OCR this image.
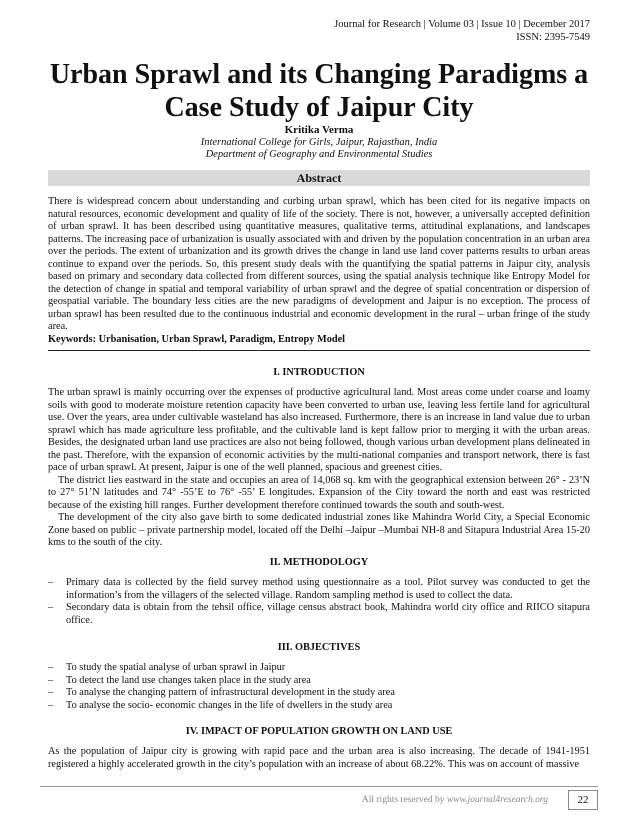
Journal for Research | Volume 03 | Issue 10 | December 2017
ISSN: 2395-7549
Urban Sprawl and its Changing Paradigms a
Case Study of Jaipur City
Kritika Verma
International College for Girls, Jaipur, Rajasthan, India
Department of Geography and Environmental Studies
Abstract

There is widespread concern about understanding and curbing urban sprawl, which has been cited for its negative impacts on natural resources, economic development and quality of life of the society. There is not, however, a universally accepted definition of urban sprawl. It has been described using quantitative measures, qualitative terms, attitudinal explanations, and landscapes patterns. The increasing pace of urbanization is usually associated with and driven by the population concentration in an urban area over the periods. The extent of urbanization and its growth drives the change in land use land cover patterns results to urban areas continue to expand over the periods. So, this present study deals with the quantifying the spatial patterns in Jaipur city, analysis based on primary and secondary data collected from different sources, using the spatial analysis technique like Entropy Model for the detection of change in spatial and temporal variability of urban sprawl and the degree of spatial concentration or dispersion of geospatial variable. The boundary less cities are the new paradigms of development and Jaipur is no exception. The process of urban sprawl has been resulted due to the continuous industrial and economic development in the rural – urban fringe of the study area.

Keywords: Urbanisation, Urban Sprawl, Paradigm, Entropy Model

I. INTRODUCTION

The urban sprawl is mainly occurring over the expenses of productive agricultural land. Most areas come under coarse and loamy soils with good to moderate moisture retention capacity have been converted to urban use, leaving less fertile land for agricultural use. Over the years, area under cultivable wasteland has also increased. Furthermore, there is an increase in land value due to urban sprawl which has made agriculture less profitable, and the cultivable land is kept fallow prior to merging it with the urban areas. Besides, the designated urban land use practices are also not being followed, though various urban development plans delineated in the past. Therefore, with the expansion of economic activities by the multi-national companies and transport network, there is fast pace of urban sprawl. At present, Jaipur is one of the well planned, spacious and greenest cities.

The district lies eastward in the state and occupies an area of 14,068 sq. km with the geographical extension between 26° - 23’N to 27° 51’N latitudes and 74° -55’E to 76° -55’ E longitudes. Expansion of the City toward the north and east was restricted because of the existing hill ranges. Further development therefore continued towards the south and south-west.

The development of the city also gave birth to some dedicated industrial zones like Mahindra World City, a Special Economic Zone based on public – private partnership model, located off the Delhi –Jaipur –Mumbai NH-8 and Sitapura Industrial Area 15-20 kms to the south of the city.

II. METHODOLOGY
– Primary data is collected by the field survey method using questionnaire as a tool. Pilot survey was conducted to get the information’s from the villagers of the selected village. Random sampling method is used to collect the data.
– Secondary data is obtain from the tehsil office, village census abstract book, Mahindra world city office and RIICO sitapura office.
III. OBJECTIVES
– To study the spatial analyse of urban sprawl in Jaipur
– To detect the land use changes taken place in the study area
– To analyse the changing pattern of infrastructural development in the study area
– To analyse the socio- economic changes in the life of dwellers in the study area
IV. IMPACT OF POPULATION GROWTH ON LAND USE

As the population of Jaipur city is growing with rapid pace and the urban area is also increasing. The decade of 1941-1951 registered a highly accelerated growth in the city’s population with an increase of about 68.22%. This was on account of massive

All rights reserved by www.journal4research.org	22
